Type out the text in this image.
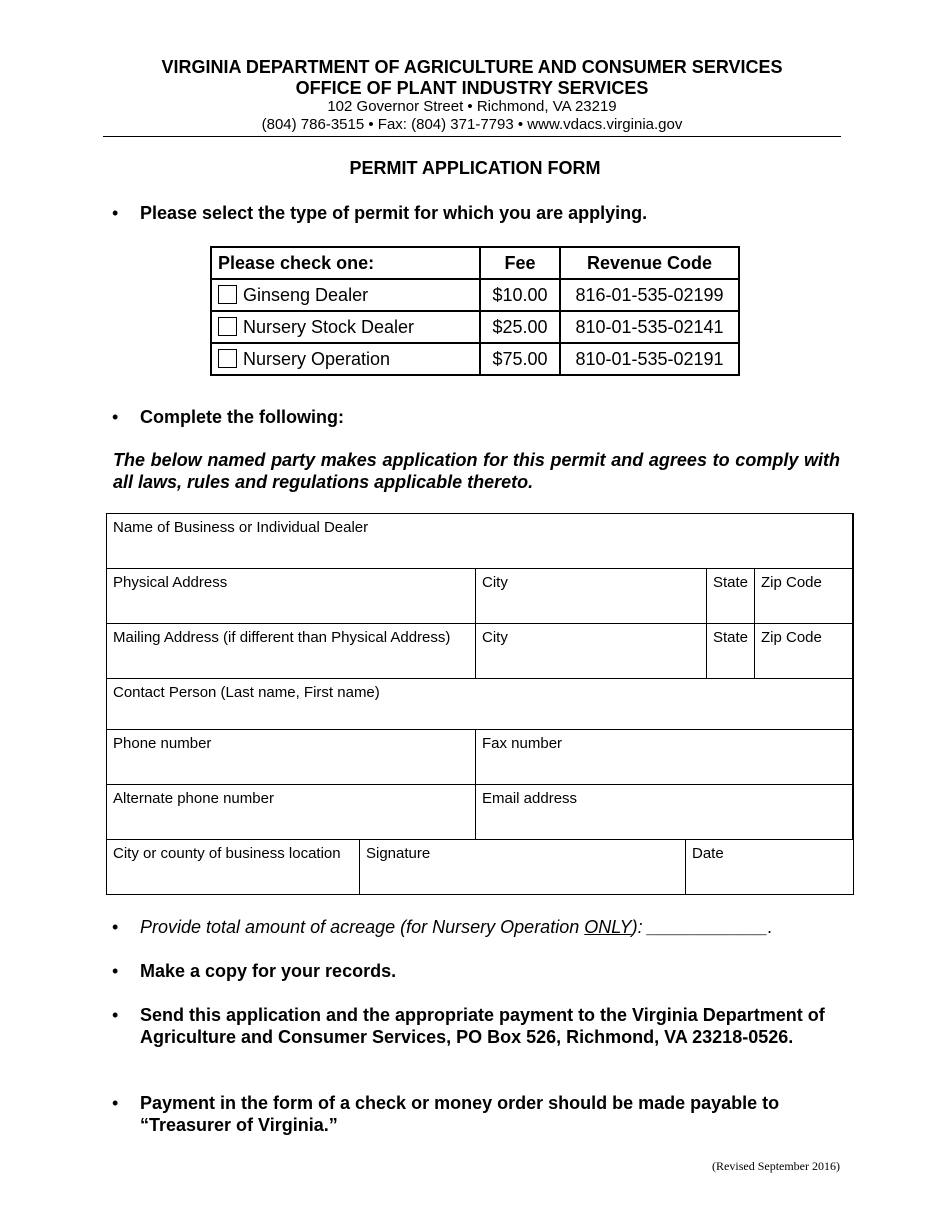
VIRGINIA DEPARTMENT OF AGRICULTURE AND CONSUMER SERVICES
OFFICE OF PLANT INDUSTRY SERVICES
102 Governor Street • Richmond, VA 23219
(804) 786-3515 • Fax: (804) 371-7793 • www.vdacs.virginia.gov
PERMIT APPLICATION FORM
• Please select the type of permit for which you are applying.
Please check one:	Fee	Revenue Code
Ginseng Dealer	$10.00	816-01-535-02199
Nursery Stock Dealer	$25.00	810-01-535-02141
Nursery Operation	$75.00	810-01-535-02191
• Complete the following:
The below named party makes application for this permit and agrees to comply with all laws, rules and regulations applicable thereto.
Name of Business or Individual Dealer
Physical Address	City	State Zip Code
Mailing Address (if different than Physical Address)	City	State Zip Code
Contact Person (Last name, First name)
Phone number	Fax number
Alternate phone number	Email address
City or county of business location	Signature	Date
• Provide total amount of acreage (for Nursery Operation ONLY): ____________.
• Make a copy for your records.
• Send this application and the appropriate payment to the Virginia Department of Agriculture and Consumer Services, PO Box 526, Richmond, VA 23218-0526.
• Payment in the form of a check or money order should be made payable to “Treasurer of Virginia.”
(Revised September 2016)
